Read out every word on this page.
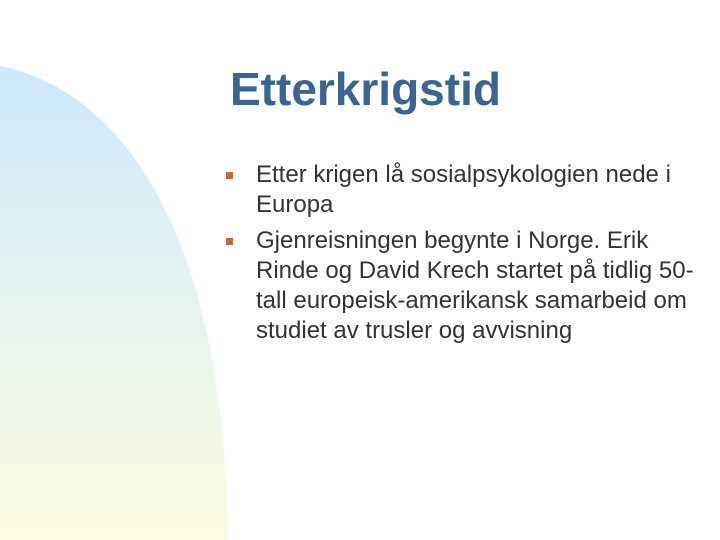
Etterkrigstid
Etter krigen lå sosialpsykologien nede i Europa
Gjenreisningen begynte i Norge. Erik Rinde og David Krech startet på tidlig 50-tall europeisk-amerikansk samarbeid om studiet av trusler og avvisning
